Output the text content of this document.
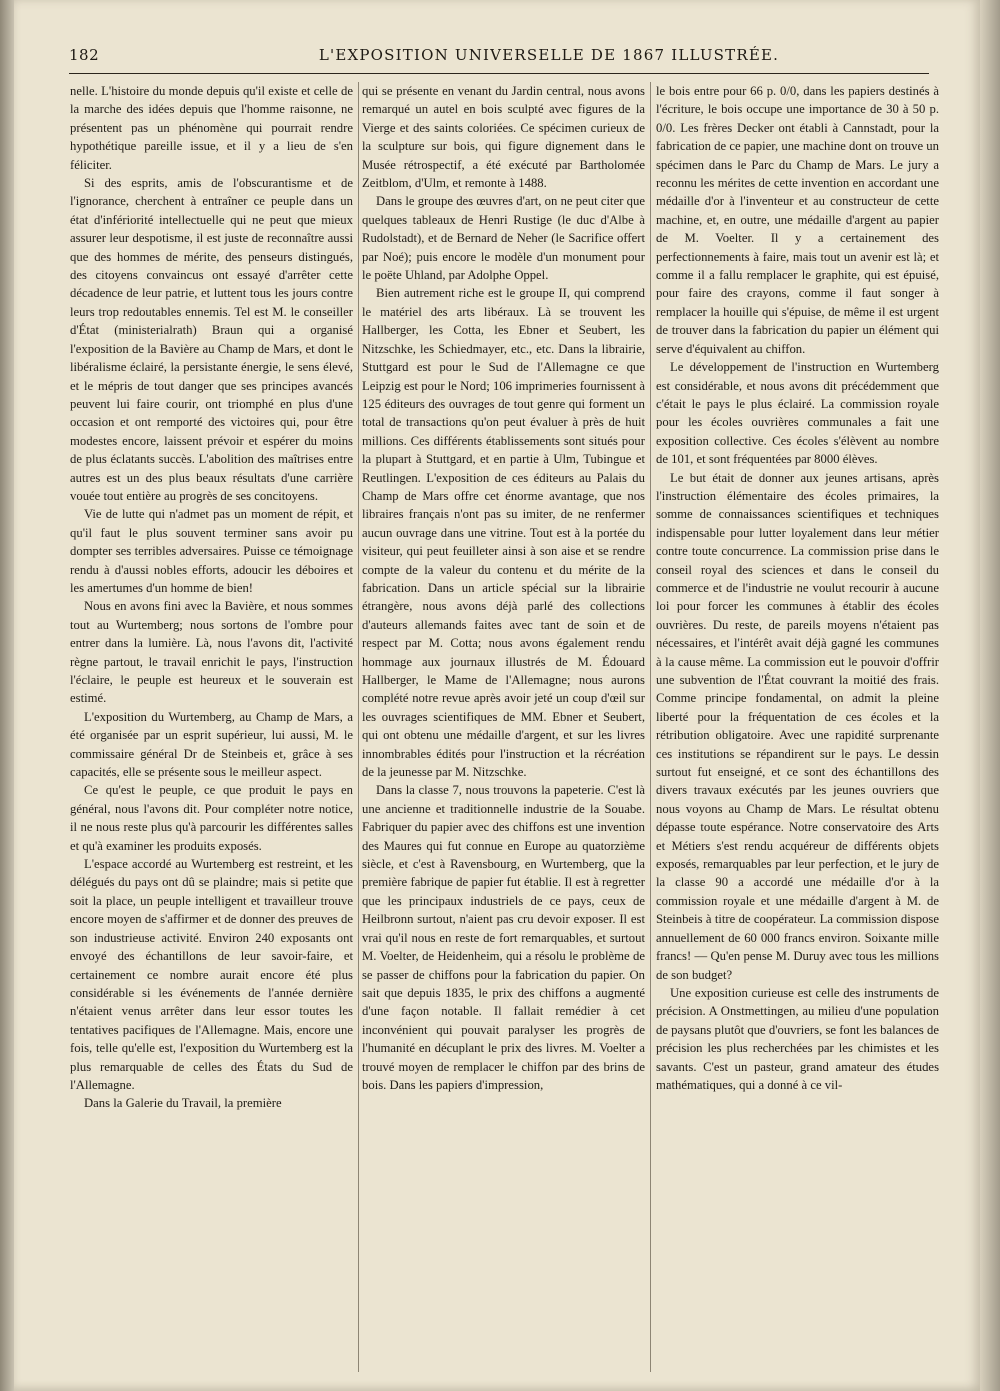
182	L'EXPOSITION UNIVERSELLE DE 1867 ILLUSTRÉE.

nelle. L'histoire du monde depuis qu'il existe et celle de la marche des idées depuis que l'homme raisonne, ne présentent pas un phénomène qui pourrait rendre hypothétique pareille issue, et il y a lieu de s'en féliciter.

Si des esprits, amis de l'obscurantisme et de l'ignorance, cherchent à entraîner ce peuple dans un état d'infériorité intellectuelle qui ne peut que mieux assurer leur despotisme, il est juste de reconnaître aussi que des hommes de mérite, des penseurs distingués, des citoyens convaincus ont essayé d'arrêter cette décadence de leur patrie, et luttent tous les jours contre leurs trop redoutables ennemis. Tel est M. le conseiller d'État (ministerialrath) Braun qui a organisé l'exposition de la Bavière au Champ de Mars, et dont le libéralisme éclairé, la persistante énergie, le sens élevé, et le mépris de tout danger que ses principes avancés peuvent lui faire courir, ont triomphé en plus d'une occasion et ont remporté des victoires qui, pour être modestes encore, laissent prévoir et espérer du moins de plus éclatants succès. L'abolition des maîtrises entre autres est un des plus beaux résultats d'une carrière vouée tout entière au progrès de ses concitoyens.

Vie de lutte qui n'admet pas un moment de répit, et qu'il faut le plus souvent terminer sans avoir pu dompter ses terribles adversaires. Puisse ce témoignage rendu à d'aussi nobles efforts, adoucir les déboires et les amertumes d'un homme de bien!

Nous en avons fini avec la Bavière, et nous sommes tout au Wurtemberg; nous sortons de l'ombre pour entrer dans la lumière. Là, nous l'avons dit, l'activité règne partout, le travail enrichit le pays, l'instruction l'éclaire, le peuple est heureux et le souverain est estimé.

L'exposition du Wurtemberg, au Champ de Mars, a été organisée par un esprit supérieur, lui aussi, M. le commissaire général Dr de Steinbeis et, grâce à ses capacités, elle se présente sous le meilleur aspect.

Ce qu'est le peuple, ce que produit le pays en général, nous l'avons dit. Pour compléter notre notice, il ne nous reste plus qu'à parcourir les différentes salles et qu'à examiner les produits exposés.

L'espace accordé au Wurtemberg est restreint, et les délégués du pays ont dû se plaindre; mais si petite que soit la place, un peuple intelligent et travailleur trouve encore moyen de s'affirmer et de donner des preuves de son industrieuse activité. Environ 240 exposants ont envoyé des échantillons de leur savoir-faire, et certainement ce nombre aurait encore été plus considérable si les événements de l'année dernière n'étaient venus arrêter dans leur essor toutes les tentatives pacifiques de l'Allemagne. Mais, encore une fois, telle qu'elle est, l'exposition du Wurtemberg est la plus remarquable de celles des États du Sud de l'Allemagne.

Dans la Galerie du Travail, la première

qui se présente en venant du Jardin central, nous avons remarqué un autel en bois sculpté avec figures de la Vierge et des saints coloriées. Ce spécimen curieux de la sculpture sur bois, qui figure dignement dans le Musée rétrospectif, a été exécuté par Bartholomée Zeitblom, d'Ulm, et remonte à 1488.

Dans le groupe des œuvres d'art, on ne peut citer que quelques tableaux de Henri Rustige (le duc d'Albe à Rudolstadt), et de Bernard de Neher (le Sacrifice offert par Noé); puis encore le modèle d'un monument pour le poëte Uhland, par Adolphe Oppel.

Bien autrement riche est le groupe II, qui comprend le matériel des arts libéraux. Là se trouvent les Hallberger, les Cotta, les Ebner et Seubert, les Nitzschke, les Schiedmayer, etc., etc. Dans la librairie, Stuttgard est pour le Sud de l'Allemagne ce que Leipzig est pour le Nord; 106 imprimeries fournissent à 125 éditeurs des ouvrages de tout genre qui forment un total de transactions qu'on peut évaluer à près de huit millions. Ces différents établissements sont situés pour la plupart à Stuttgard, et en partie à Ulm, Tubingue et Reutlingen. L'exposition de ces éditeurs au Palais du Champ de Mars offre cet énorme avantage, que nos libraires français n'ont pas su imiter, de ne renfermer aucun ouvrage dans une vitrine. Tout est à la portée du visiteur, qui peut feuilleter ainsi à son aise et se rendre compte de la valeur du contenu et du mérite de la fabrication. Dans un article spécial sur la librairie étrangère, nous avons déjà parlé des collections d'auteurs allemands faites avec tant de soin et de respect par M. Cotta; nous avons également rendu hommage aux journaux illustrés de M. Édouard Hallberger, le Mame de l'Allemagne; nous aurons complété notre revue après avoir jeté un coup d'œil sur les ouvrages scientifiques de MM. Ebner et Seubert, qui ont obtenu une médaille d'argent, et sur les livres innombrables édités pour l'instruction et la récréation de la jeunesse par M. Nitzschke.

Dans la classe 7, nous trouvons la papeterie. C'est là une ancienne et traditionnelle industrie de la Souabe. Fabriquer du papier avec des chiffons est une invention des Maures qui fut connue en Europe au quatorzième siècle, et c'est à Ravensbourg, en Wurtemberg, que la première fabrique de papier fut établie. Il est à regretter que les principaux industriels de ce pays, ceux de Heilbronn surtout, n'aient pas cru devoir exposer. Il est vrai qu'il nous en reste de fort remarquables, et surtout M. Voelter, de Heidenheim, qui a résolu le problème de se passer de chiffons pour la fabrication du papier. On sait que depuis 1835, le prix des chiffons a augmenté d'une façon notable. Il fallait remédier à cet inconvénient qui pouvait paralyser les progrès de l'humanité en décuplant le prix des livres. M. Voelter a trouvé moyen de remplacer le chiffon par des brins de bois. Dans les papiers d'impression,

le bois entre pour 66 p. 0/0, dans les papiers destinés à l'écriture, le bois occupe une importance de 30 à 50 p. 0/0. Les frères Decker ont établi à Cannstadt, pour la fabrication de ce papier, une machine dont on trouve un spécimen dans le Parc du Champ de Mars. Le jury a reconnu les mérites de cette invention en accordant une médaille d'or à l'inventeur et au constructeur de cette machine, et, en outre, une médaille d'argent au papier de M. Voelter. Il y a certainement des perfectionnements à faire, mais tout un avenir est là; et comme il a fallu remplacer le graphite, qui est épuisé, pour faire des crayons, comme il faut songer à remplacer la houille qui s'épuise, de même il est urgent de trouver dans la fabrication du papier un élément qui serve d'équivalent au chiffon.

Le développement de l'instruction en Wurtemberg est considérable, et nous avons dit précédemment que c'était le pays le plus éclairé. La commission royale pour les écoles ouvrières communales a fait une exposition collective. Ces écoles s'élèvent au nombre de 101, et sont fréquentées par 8000 élèves.

Le but était de donner aux jeunes artisans, après l'instruction élémentaire des écoles primaires, la somme de connaissances scientifiques et techniques indispensable pour lutter loyalement dans leur métier contre toute concurrence. La commission prise dans le conseil royal des sciences et dans le conseil du commerce et de l'industrie ne voulut recourir à aucune loi pour forcer les communes à établir des écoles ouvrières. Du reste, de pareils moyens n'étaient pas nécessaires, et l'intérêt avait déjà gagné les communes à la cause même. La commission eut le pouvoir d'offrir une subvention de l'État couvrant la moitié des frais. Comme principe fondamental, on admit la pleine liberté pour la fréquentation de ces écoles et la rétribution obligatoire. Avec une rapidité surprenante ces institutions se répandirent sur le pays. Le dessin surtout fut enseigné, et ce sont des échantillons des divers travaux exécutés par les jeunes ouvriers que nous voyons au Champ de Mars. Le résultat obtenu dépasse toute espérance. Notre conservatoire des Arts et Métiers s'est rendu acquéreur de différents objets exposés, remarquables par leur perfection, et le jury de la classe 90 a accordé une médaille d'or à la commission royale et une médaille d'argent à M. de Steinbeis à titre de coopérateur. La commission dispose annuellement de 60 000 francs environ. Soixante mille francs! — Qu'en pense M. Duruy avec tous les millions de son budget?

Une exposition curieuse est celle des instruments de précision. A Onstmettingen, au milieu d'une population de paysans plutôt que d'ouvriers, se font les balances de précision les plus recherchées par les chimistes et les savants. C'est un pasteur, grand amateur des études mathématiques, qui a donné à ce vil-
